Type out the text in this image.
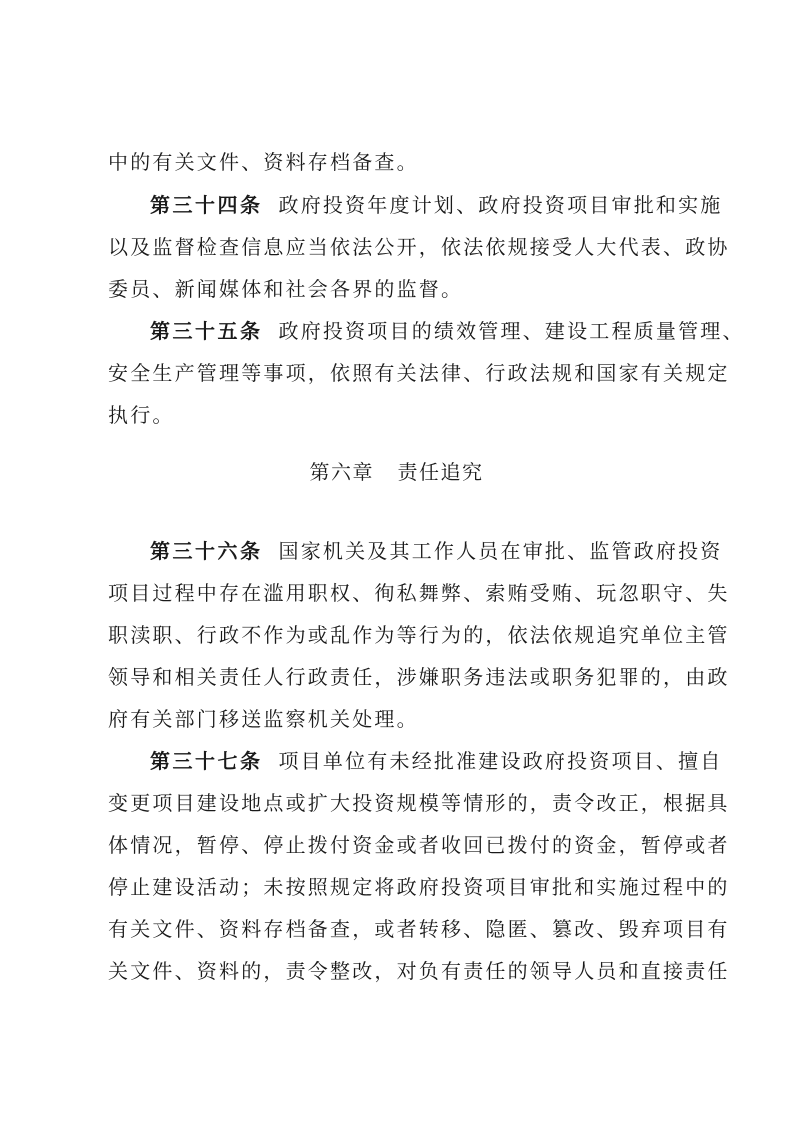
中的有关文件、资料存档备查。
第三十四条 政府投资年度计划、政府投资项目审批和实施
以及监督检查信息应当依法公开，依法依规接受人大代表、政协
委员、新闻媒体和社会各界的监督。
第三十五条 政府投资项目的绩效管理、建设工程质量管理、
安全生产管理等事项，依照有关法律、行政法规和国家有关规定
执行。
第六章   责任追究
第三十六条 国家机关及其工作人员在审批、监管政府投资
项目过程中存在滥用职权、徇私舞弊、索贿受贿、玩忽职守、失
职渎职、行政不作为或乱作为等行为的，依法依规追究单位主管
领导和相关责任人行政责任，涉嫌职务违法或职务犯罪的，由政
府有关部门移送监察机关处理。
第三十七条 项目单位有未经批准建设政府投资项目、擅自
变更项目建设地点或扩大投资规模等情形的，责令改正，根据具
体情况，暂停、停止拨付资金或者收回已拨付的资金，暂停或者
停止建设活动；未按照规定将政府投资项目审批和实施过程中的
有关文件、资料存档备查，或者转移、隐匿、篡改、毁弃项目有
关文件、资料的，责令整改，对负有责任的领导人员和直接责任
